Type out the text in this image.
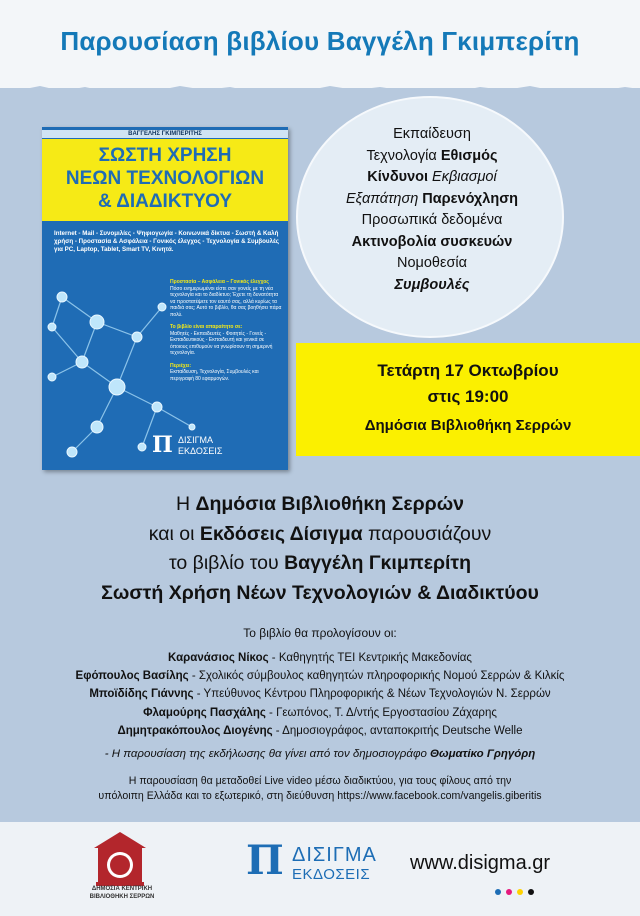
Παρουσίαση βιβλίου Βαγγέλη Γκιμπερίτη
ΒΑΓΓΕΛΗΣ ΓΚΙΜΠΕΡΙΤΗΣ
ΣΩΣΤΗ ΧΡΗΣΗ
ΝΕΩΝ ΤΕΧΝΟΛΟΓΙΩΝ
& ΔΙΑΔΙΚΤΥΟΥ
Internet - Mail - Συνομιλίες - Ψηφιογωγία - Κοινωνικά δίκτυα - Σωστή & Καλή χρήση - Προστασία & Ασφάλεια - Γονικός έλεγχος - Τεχνολογία & Συμβουλές για PC, Laptop, Tablet, Smart TV, Κινητά.
Προστασία – Ασφάλεια – Γονικός έλεγχος
Πόσο ενημερωμένοι είστε σαν γονείς με τη νέα τεχνολογία και το διαδίκτυο; Έχετε τη δυνατότητα να προστατέψετε τον εαυτό σας, αλλά κυρίως τα παιδιά σας; Αυτό το βιβλίο, θα σας βοηθήσει πάρα πολύ.
Το βιβλίο είναι απαραίτητο σε:
Μαθητές - Εκπαιδευτές - Φοιτητές - Γονείς - Εκπαιδευτικούς - Εκπαιδευτή και γενικά σε όποιους επιθυμούν να γνωρίσουν τη σημερινή τεχνολογία.
Περιέχει:
Εκπαίδευση, Τεχνολογία, Συμβουλές και περιγραφή 80 εφαρμογών.
Π ΔΙΣΙΓΜΑ
ΕΚΔΟΣΕΙΣ
Εκπαίδευση
Τεχνολογία Εθισμός
Κίνδυνοι Εκβιασμοί
Εξαπάτηση Παρενόχληση
Προσωπικά δεδομένα
Ακτινοβολία συσκευών
Νομοθεσία
Συμβουλές
Τετάρτη 17 Οκτωβρίου
στις 19:00
Δημόσια Βιβλιοθήκη Σερρών
Η Δημόσια Βιβλιοθήκη Σερρών
και οι Εκδόσεις Δίσιγμα παρουσιάζουν
το βιβλίο του Βαγγέλη Γκιμπερίτη
Σωστή Χρήση Νέων Τεχνολογιών & Διαδικτύου
Το βιβλίο θα προλογίσουν οι:
Καρανάσιος Νίκος - Καθηγητής ΤΕΙ Κεντρικής Μακεδονίας
Εφόπουλος Βασίλης - Σχολικός σύμβουλος καθηγητών πληροφορικής Νομού Σερρών & Κιλκίς
Μποϊδίδης Γιάννης - Υπεύθυνος Κέντρου Πληροφορικής & Νέων Τεχνολογιών Ν. Σερρών
Φλαμούρης Πασχάλης - Γεωπόνος, Τ. Δ/ντής Εργοστασίου Ζάχαρης
Δημητρακόπουλος Διογένης - Δημοσιογράφος, ανταποκριτής Deutsche Welle
- Η παρουσίαση της εκδήλωσης θα γίνει από τον δημοσιογράφο Θωματίκο Γρηγόρη
Η παρουσίαση θα μεταδοθεί Live video μέσω διαδικτύου, για τους φίλους από την
υπόλοιπη Ελλάδα και το εξωτερικό, στη διεύθυνση https://www.facebook.com/vangelis.giberitis
ΔΗΜΟΣΙΑ ΚΕΝΤΡΙΚΗ
ΒΙΒΛΙΟΘΗΚΗ ΣΕΡΡΩΝ
Π ΔΙΣΙΓΜΑ
ΕΚΔΟΣΕΙΣ
www.disigma.gr
